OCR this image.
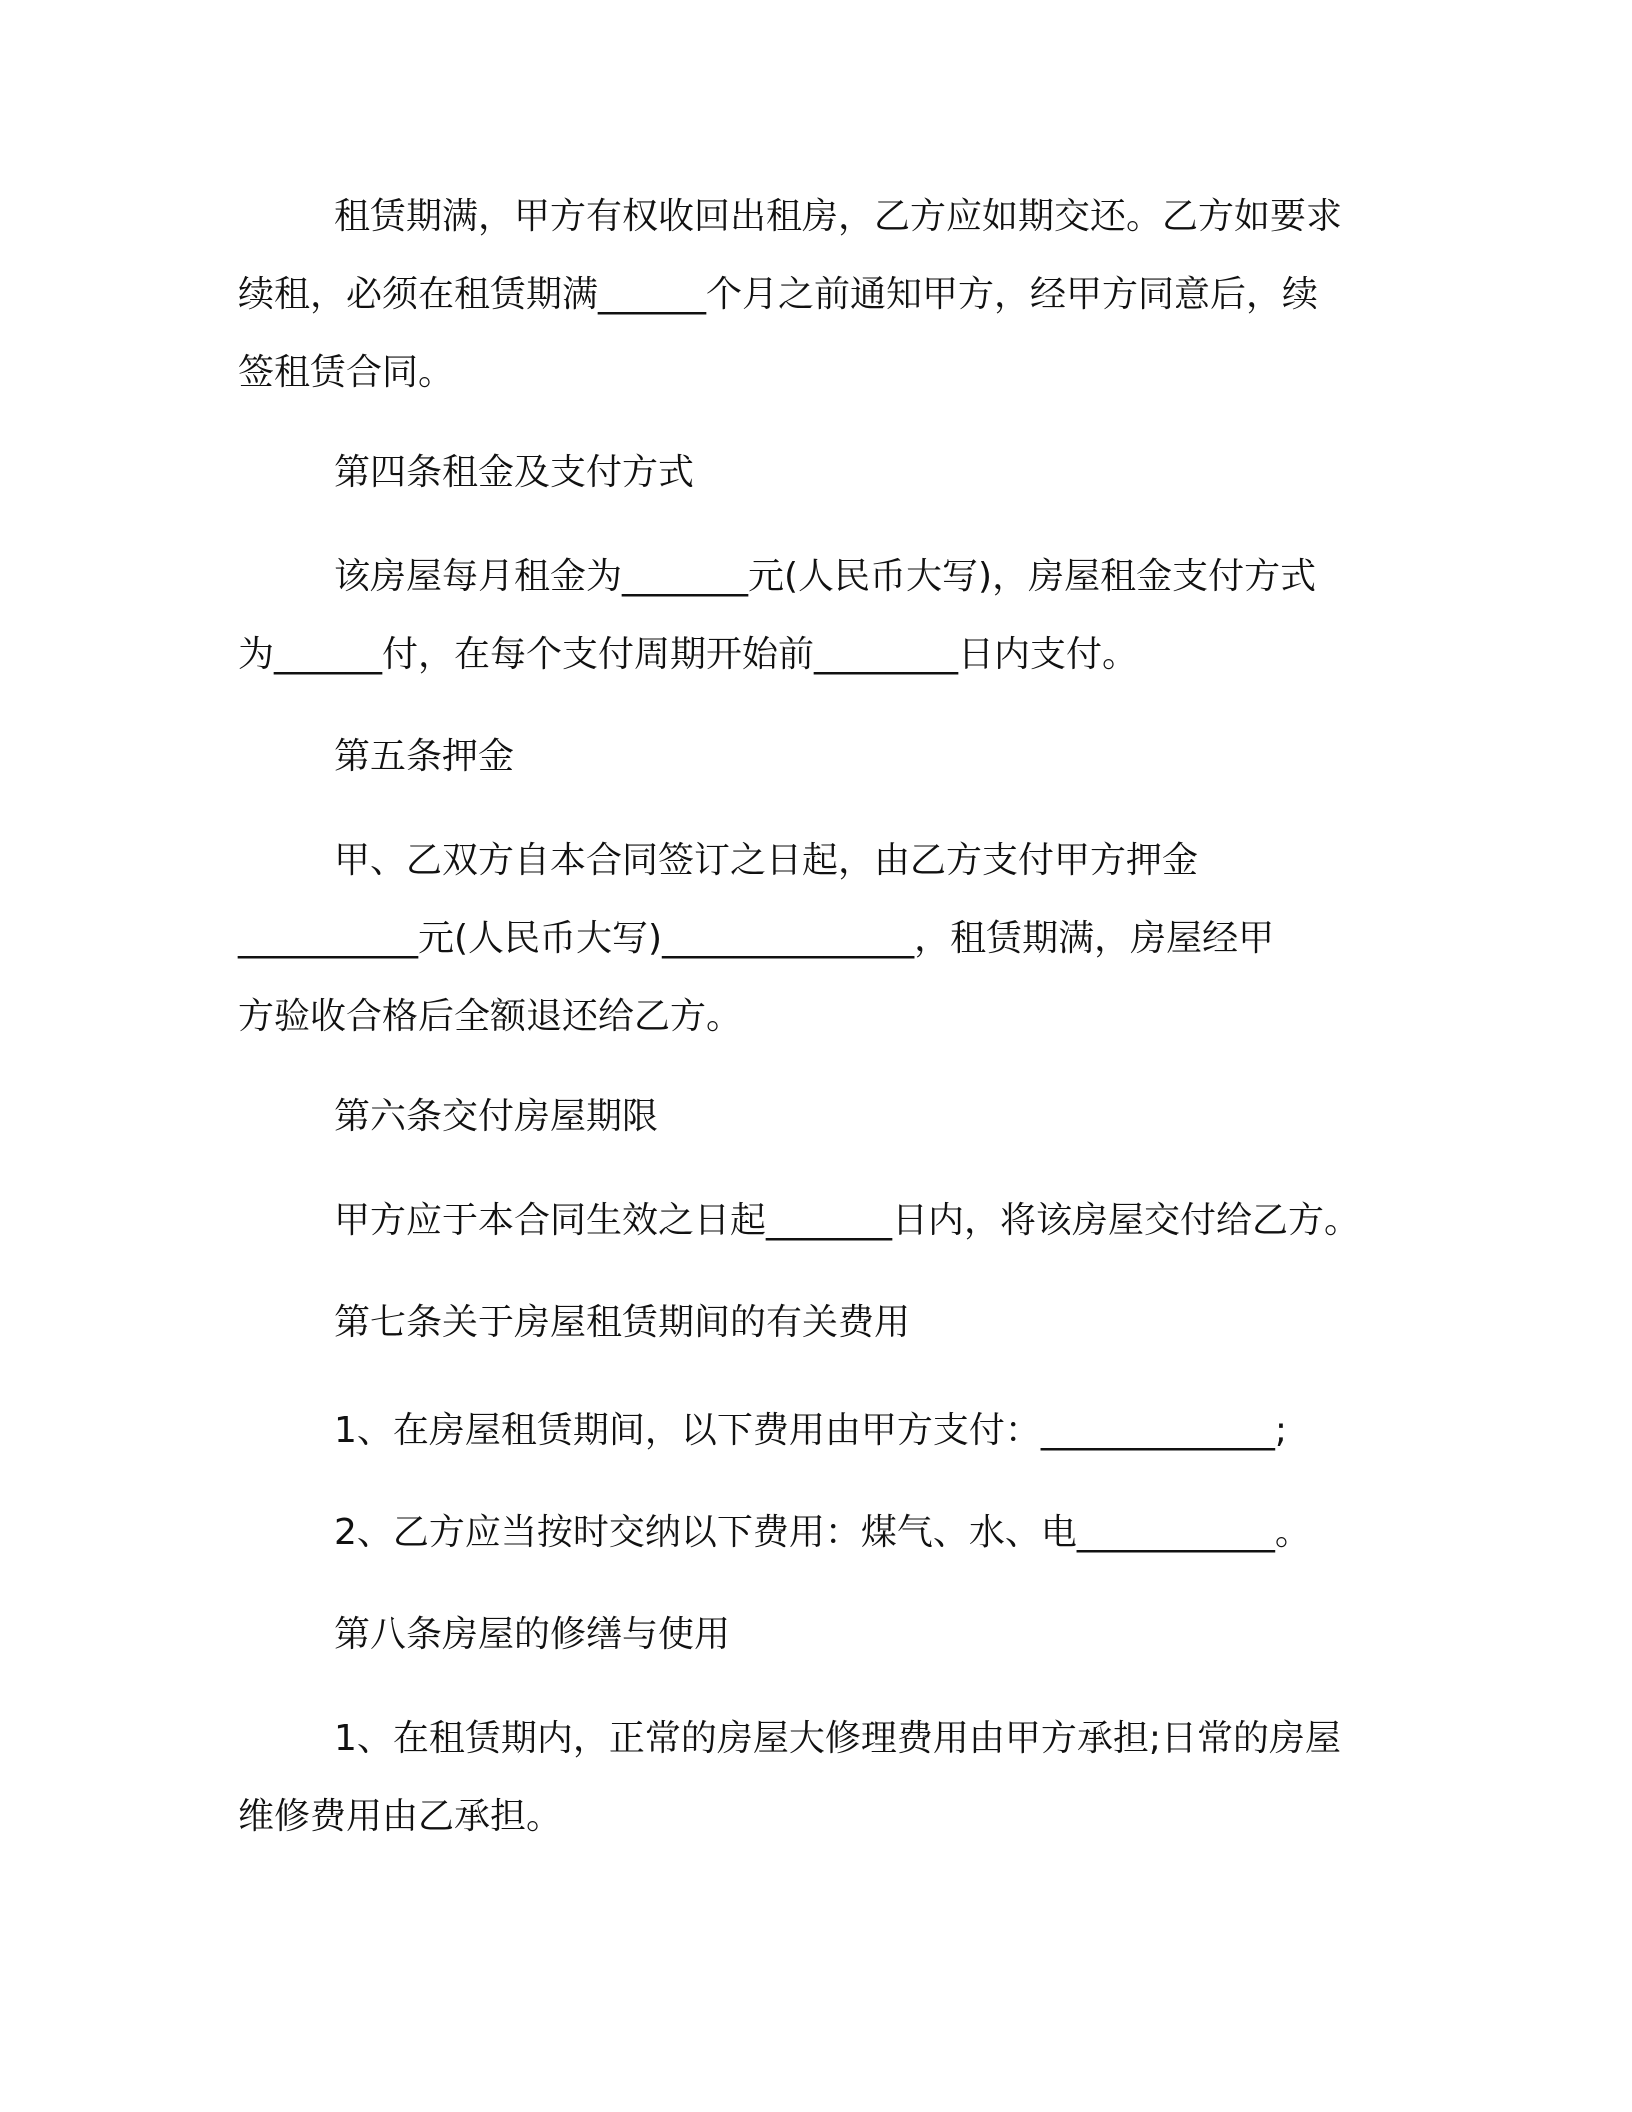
租赁期满，甲方有权收回出租房，乙方应如期交还。乙方如要求

续租，必须在租赁期满______个月之前通知甲方，经甲方同意后，续

签租赁合同。

第四条租金及支付方式

该房屋每月租金为_______元(人民币大写)，房屋租金支付方式

为______付，在每个支付周期开始前________日内支付。

第五条押金

甲、乙双方自本合同签订之日起，由乙方支付甲方押金

__________元(人民币大写)______________，租赁期满，房屋经甲

方验收合格后全额退还给乙方。

第六条交付房屋期限

甲方应于本合同生效之日起_______日内，将该房屋交付给乙方。

第七条关于房屋租赁期间的有关费用

1、在房屋租赁期间，以下费用由甲方支付：_____________;

2、乙方应当按时交纳以下费用：煤气、水、电___________。

第八条房屋的修缮与使用

1、在租赁期内，正常的房屋大修理费用由甲方承担;日常的房屋

维修费用由乙承担。
